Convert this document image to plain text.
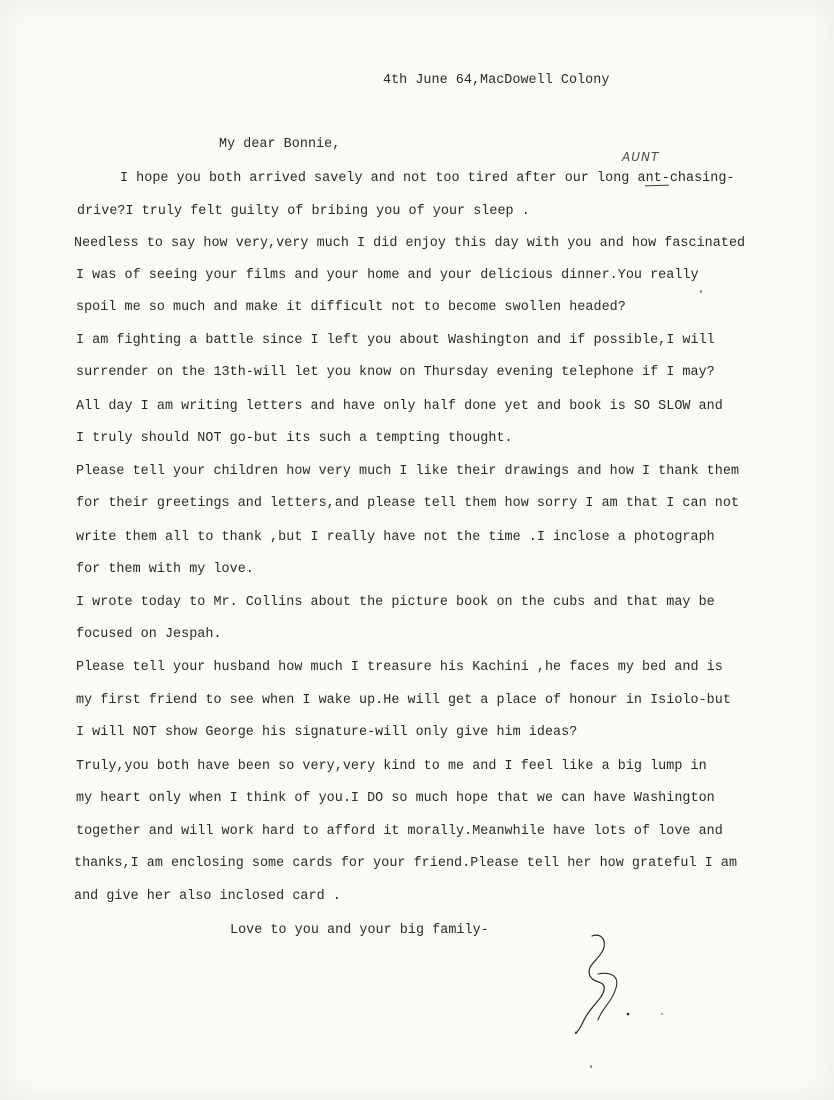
4th June 64,MacDowell Colony
My dear Bonnie,
AUNT
I hope you both arrived savely and not too tired after our long ant-chasing-
drive?I truly felt guilty of bribing you of your sleep .
Needless to say how very,very much I did enjoy this day with you and how fascinated
I was of seeing your films and your home and your delicious dinner.You really
spoil me so much and make it difficult not to become swollen headed?
I am fighting a battle since I left you about Washington and if possible,I will
surrender on the 13th-will let you know on Thursday evening telephone if I may?
All day I am writing letters and have only half done yet and book is SO SLOW and
I truly should NOT go-but its such a tempting thought.
Please tell your children how very much I like their drawings and how I thank them
for their greetings and letters,and please tell them how sorry I am that I can not
write them all to thank ,but I really have not the time .I inclose a photograph
for them with my love.
I wrote today to Mr. Collins about the picture book on the cubs and that may be
focused on Jespah.
Please tell your husband how much I treasure his Kachini ,he faces my bed and is
my first friend to see when I wake up.He will get a place of honour in Isiolo-but
I will NOT show George his signature-will only give him ideas?
Truly,you both have been so very,very kind to me and I feel like a big lump in
my heart only when I think of you.I DO so much hope that we can have Washington
together and will work hard to afford it morally.Meanwhile have lots of love and
thanks,I am enclosing some cards for your friend.Please tell her how grateful I am
and give her also inclosed card .
Love to you and your big family-
